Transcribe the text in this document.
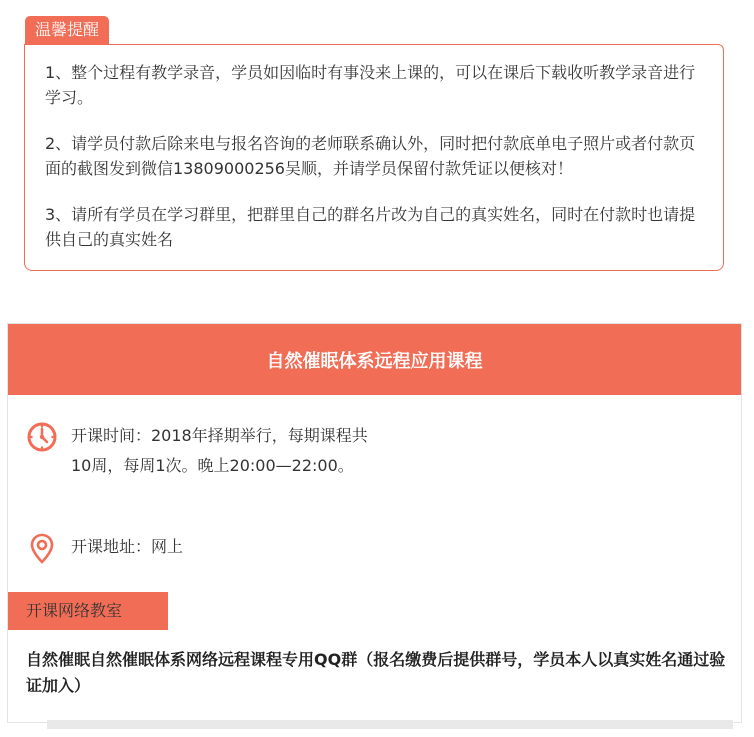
温馨提醒

1、整个过程有教学录音，学员如因临时有事没来上课的，可以在课后下载收听教学录音进行学习。

2、请学员付款后除来电与报名咨询的老师联系确认外，同时把付款底单电子照片或者付款页面的截图发到微信13809000256吴顺，并请学员保留付款凭证以便核对！

3、请所有学员在学习群里，把群里自己的群名片改为自己的真实姓名，同时在付款时也请提供自己的真实姓名

自然催眠体系远程应用课程
开课时间：2018年择期举行，每期课程共10周，每周1次。晚上20:00—22:00。
开课地址：网上
开课网络教室
自然催眠自然催眠体系网络远程课程专用QQ群（报名缴费后提供群号，学员本人以真实姓名通过验证加入）
